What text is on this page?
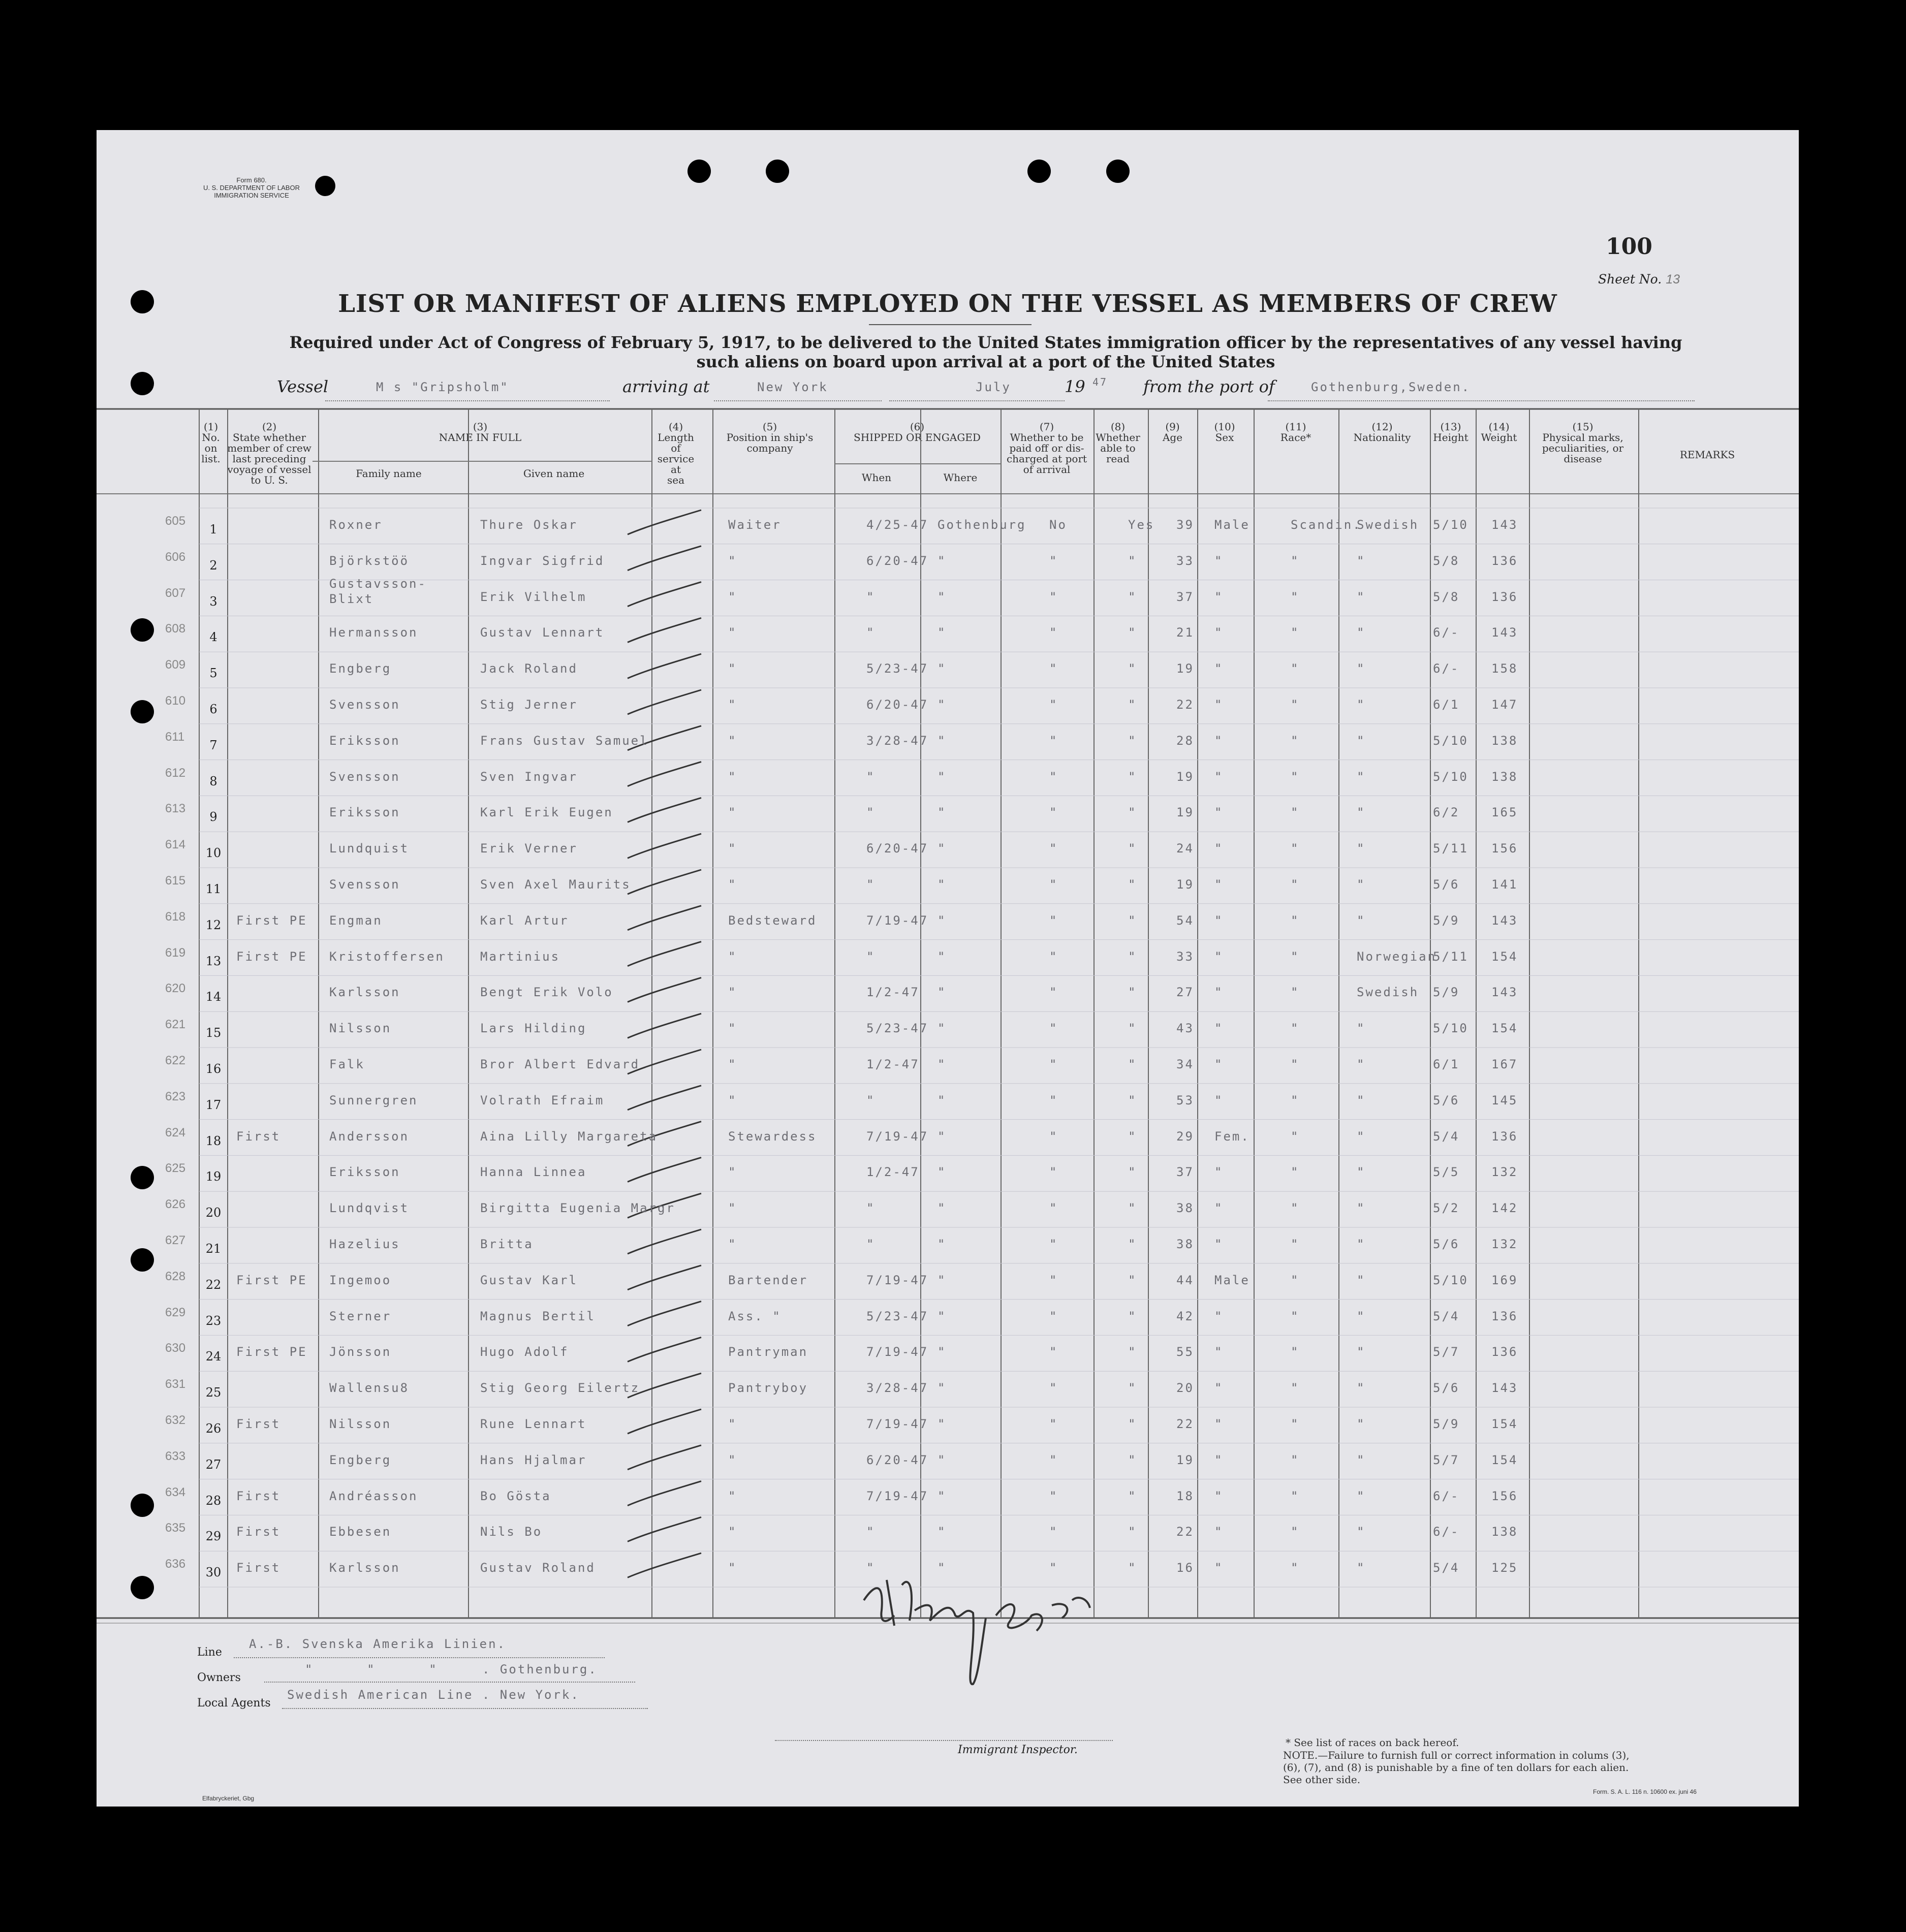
Form 680.
U. S. DEPARTMENT OF LABOR
IMMIGRATION SERVICE
100
Sheet No. 13
LIST OR MANIFEST OF ALIENS EMPLOYED ON THE VESSEL AS MEMBERS OF CREW
Required under Act of Congress of February 5, 1917, to be delivered to the United States immigration officer by the representatives of any vessel having such aliens on board upon arrival at a port of the United States
Vessel	M s "Gripsholm"	arriving at	New York	July	19 47 from the port of	Gothenburg,Sweden.
(1)
No.
on
list.
(2)
State whether
member of crew
last preceding
voyage of vessel
to U. S.
(3)
NAME IN FULL
Family name	Given name
(4)
Length
of
service
at
sea
(5)
Position in ship's
company
(6)
SHIPPED OR ENGAGED
When	Where
(7)
Whether to be
paid off or dis-
charged at port
of arrival
(8)
Whether
able to
read
(9)
Age
(10)
Sex
(11)
Race*
(12)
Nationality
(13)
Height
(14)
Weight
(15)
Physical marks,
peculiarities, or
disease	REMARKS
605
1	Roxner	Thure Oskar	Waiter	4/25-47 Gothenburg No	Yes 39 Male	Scandin.
Swedish 5/10 143
606
2	Björkstöö	Ingvar Sigfrid	"	6/20-47 "	"	"	33 "	"	"	5/8	136
607
3
Gustavsson-
Blixt	Erik Vilhelm	"	"	"	"	"	37 "	"	"	5/8	136
608
4	Hermansson	Gustav Lennart	"	"	"	"	"	21 "	"	"	6/-	143
609
5	Engberg	Jack Roland	"	5/23-47 "	"	"	19 "	"	"	6/-	158
610
6	Svensson	Stig Jerner	"	6/20-47 "	"	"	22 "	"	"	6/1	147
611
7	Eriksson	Frans Gustav Samuel	"	3/28-47 "	"	"	28 "	"	"	5/10 138
612
8	Svensson	Sven Ingvar	"	"	"	"	"	19 "	"	"	5/10 138
613
9	Eriksson	Karl Erik Eugen	"	"	"	"	"	19 "	"	"	6/2	165
614
10	Lundquist	Erik Verner	"	6/20-47 "	"	"	24 "	"	"	5/11 156
615
11	Svensson	Sven Axel Maurits	"	"	"	"	"	19 "	"	"	5/6	141
618
12	First PE Engman	Karl Artur	Bedsteward	7/19-47 "	"	"	54 "	"	"	5/9	143
619
13	First PE Kristoffersen	Martinius	"	"	"	"	"	33 "	"	Norwegian
5/11 154
620
14	Karlsson	Bengt Erik Volo	"	1/2-47 "	"	"	27 "	"	Swedish 5/9	143
621
15	Nilsson	Lars Hilding	"	5/23-47 "	"	"	43 "	"	"	5/10 154
622
16	Falk	Bror Albert Edvard	"	1/2-47 "	"	"	34 "	"	"	6/1	167
623
17	Sunnergren	Volrath Efraim	"	"	"	"	"	53 "	"	"	5/6	145
624
18	First	Andersson	Aina Lilly Margareta	Stewardess	7/19-47 "	"	"	29 Fem.	"	"	5/4	136
625
19	Eriksson	Hanna Linnea	"	1/2-47 "	"	"	37 "	"	"	5/5	132
626
20	Lundqvist	Birgitta Eugenia Margr	"	"	"	"	"	38 "	"	"	5/2	142
627
21	Hazelius	Britta	"	"	"	"	"	38 "	"	"	5/6	132
628
22	First PE Ingemoo	Gustav Karl	Bartender	7/19-47 "	"	"	44 Male	"	"	5/10 169
629
23	Sterner	Magnus Bertil	Ass. "	5/23-47 "	"	"	42 "	"	"	5/4	136
630
24	First PE Jönsson	Hugo Adolf	Pantryman	7/19-47 "	"	"	55 "	"	"	5/7	136
631
25	Wallensu8	Stig Georg Eilertz	Pantryboy	3/28-47 "	"	"	20 "	"	"	5/6	143
632
26	First	Nilsson	Rune Lennart	"	7/19-47 "	"	"	22 "	"	"	5/9	154
633
27	Engberg	Hans Hjalmar	"	6/20-47 "	"	"	19 "	"	"	5/7	154
634
28	First	Andréasson	Bo Gösta	"	7/19-47 "	"	"	18 "	"	"	6/-	156
635
29	First	Ebbesen	Nils Bo	"	"	"	"	"	22 "	"	"	6/-	138
636
30	First	Karlsson	Gustav Roland	"	"	"	"	"	16 "	"	"	5/4	125
Line
A.-B. Svenska Amerika Linien.
Owners
"      "      "     . Gothenburg.
Local Agents
Swedish American Line . New York.
Immigrant Inspector.
* See list of races on back hereof.
NOTE.—Failure to furnish full or correct information in colums (3), (6), (7), and (8) is punishable by a fine of ten dollars for each alien. See other side.
Elfabryckeriet, Gbg
Form. S. A. L. 116 n. 10600 ex. juni 46
